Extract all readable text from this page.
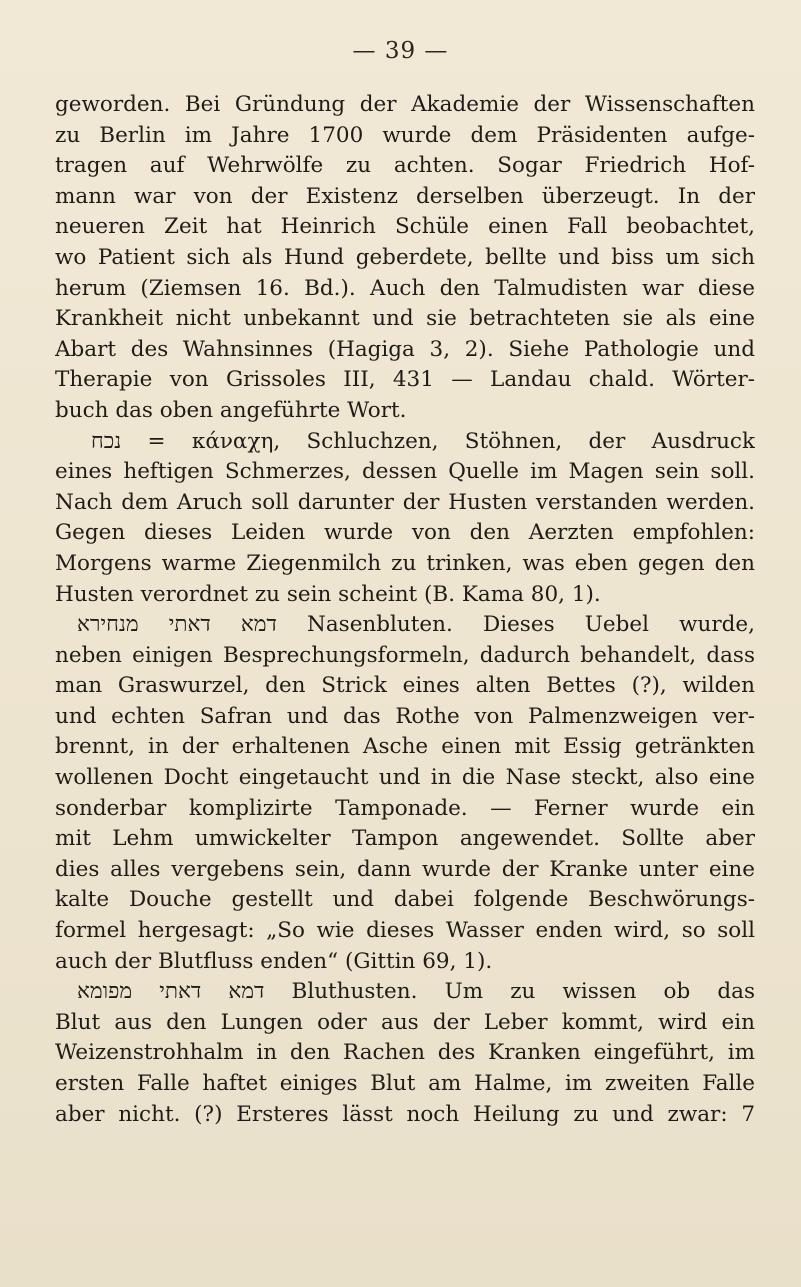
— 39 —
geworden. Bei Gründung der Akademie der Wissenschaften
zu Berlin im Jahre 1700 wurde dem Präsidenten aufge-
tragen auf Wehrwölfe zu achten. Sogar Friedrich Hof-
mann war von der Existenz derselben überzeugt. In der
neueren Zeit hat Heinrich Schüle einen Fall beobachtet,
wo Patient sich als Hund geberdete, bellte und biss um sich
herum (Ziemsen 16. Bd.). Auch den Talmudisten war diese
Krankheit nicht unbekannt und sie betrachteten sie als eine
Abart des Wahnsinnes (Hagiga 3, 2). Siehe Pathologie und
Therapie von Grissoles III, 431 — Landau chald. Wörter-
buch das oben angeführte Wort.
נכח = κάναχη, Schluchzen, Stöhnen, der Ausdruck
eines heftigen Schmerzes, dessen Quelle im Magen sein soll.
Nach dem Aruch soll darunter der Husten verstanden werden.
Gegen dieses Leiden wurde von den Aerzten empfohlen:
Morgens warme Ziegenmilch zu trinken, was eben gegen den
Husten verordnet zu sein scheint (B. Kama 80, 1).
דמא דאתי מנחירא Nasenbluten. Dieses Uebel wurde,
neben einigen Besprechungsformeln, dadurch behandelt, dass
man Graswurzel, den Strick eines alten Bettes (?), wilden
und echten Safran und das Rothe von Palmenzweigen ver-
brennt, in der erhaltenen Asche einen mit Essig getränkten
wollenen Docht eingetaucht und in die Nase steckt, also eine
sonderbar komplizirte Tamponade. — Ferner wurde ein
mit Lehm umwickelter Tampon angewendet. Sollte aber
dies alles vergebens sein, dann wurde der Kranke unter eine
kalte Douche gestellt und dabei folgende Beschwörungs-
formel hergesagt: „So wie dieses Wasser enden wird, so soll
auch der Blutfluss enden“ (Gittin 69, 1).
דמא דאתי מפומא Bluthusten. Um zu wissen ob das
Blut aus den Lungen oder aus der Leber kommt, wird ein
Weizenstrohhalm in den Rachen des Kranken eingeführt, im
ersten Falle haftet einiges Blut am Halme, im zweiten Falle
aber nicht. (?) Ersteres lässt noch Heilung zu und zwar: 7
